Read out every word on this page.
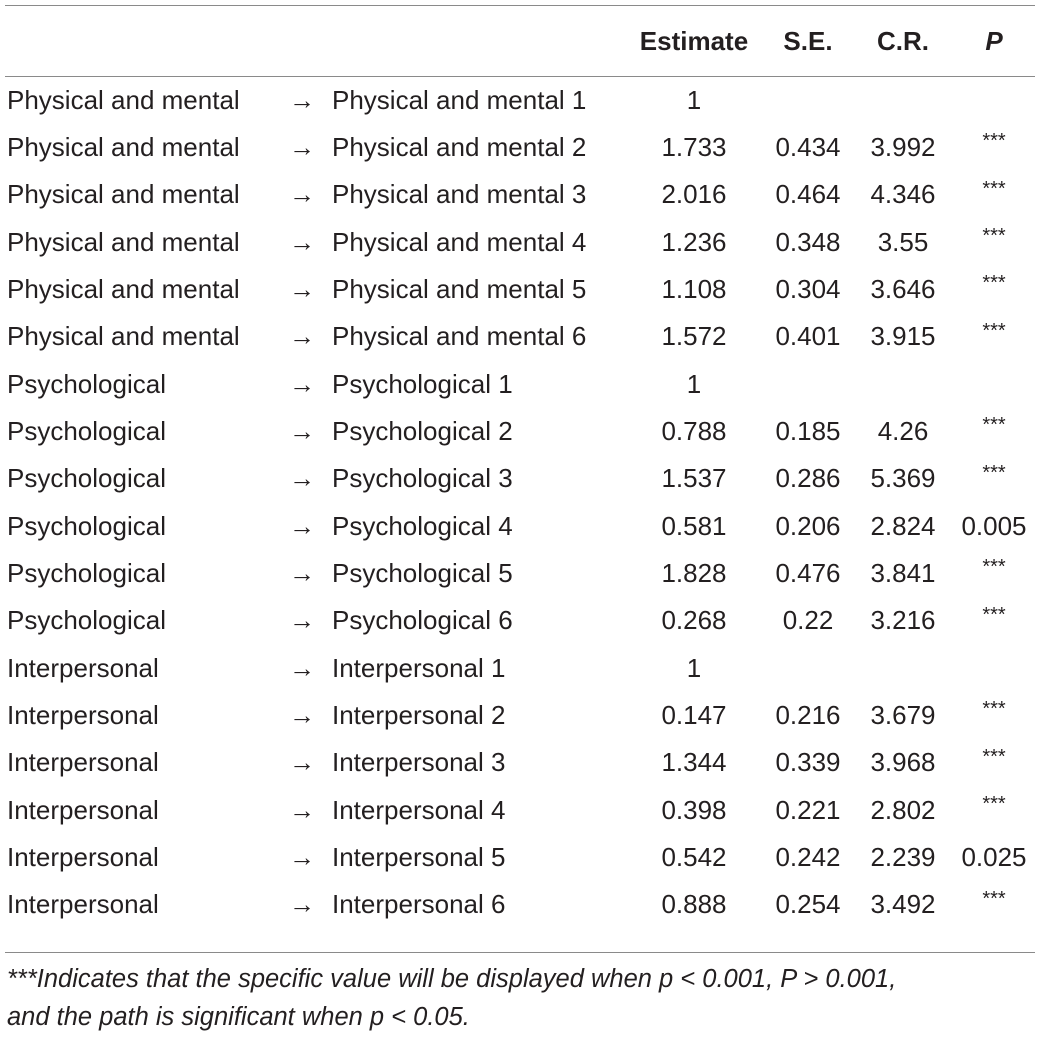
			Estimate	S.E.	C.R.	P
Physical and mental	→	Physical and mental 1	1			
Physical and mental	→	Physical and mental 2	1.733	0.434	3.992	***
Physical and mental	→	Physical and mental 3	2.016	0.464	4.346	***
Physical and mental	→	Physical and mental 4	1.236	0.348	3.55	***
Physical and mental	→	Physical and mental 5	1.108	0.304	3.646	***
Physical and mental	→	Physical and mental 6	1.572	0.401	3.915	***
Psychological	→	Psychological 1	1			
Psychological	→	Psychological 2	0.788	0.185	4.26	***
Psychological	→	Psychological 3	1.537	0.286	5.369	***
Psychological	→	Psychological 4	0.581	0.206	2.824	0.005
Psychological	→	Psychological 5	1.828	0.476	3.841	***
Psychological	→	Psychological 6	0.268	0.22	3.216	***
Interpersonal	→	Interpersonal 1	1			
Interpersonal	→	Interpersonal 2	0.147	0.216	3.679	***
Interpersonal	→	Interpersonal 3	1.344	0.339	3.968	***
Interpersonal	→	Interpersonal 4	0.398	0.221	2.802	***
Interpersonal	→	Interpersonal 5	0.542	0.242	2.239	0.025
Interpersonal	→	Interpersonal 6	0.888	0.254	3.492	***

***Indicates that the specific value will be displayed when p < 0.001, P > 0.001,
and the path is significant when p < 0.05.
